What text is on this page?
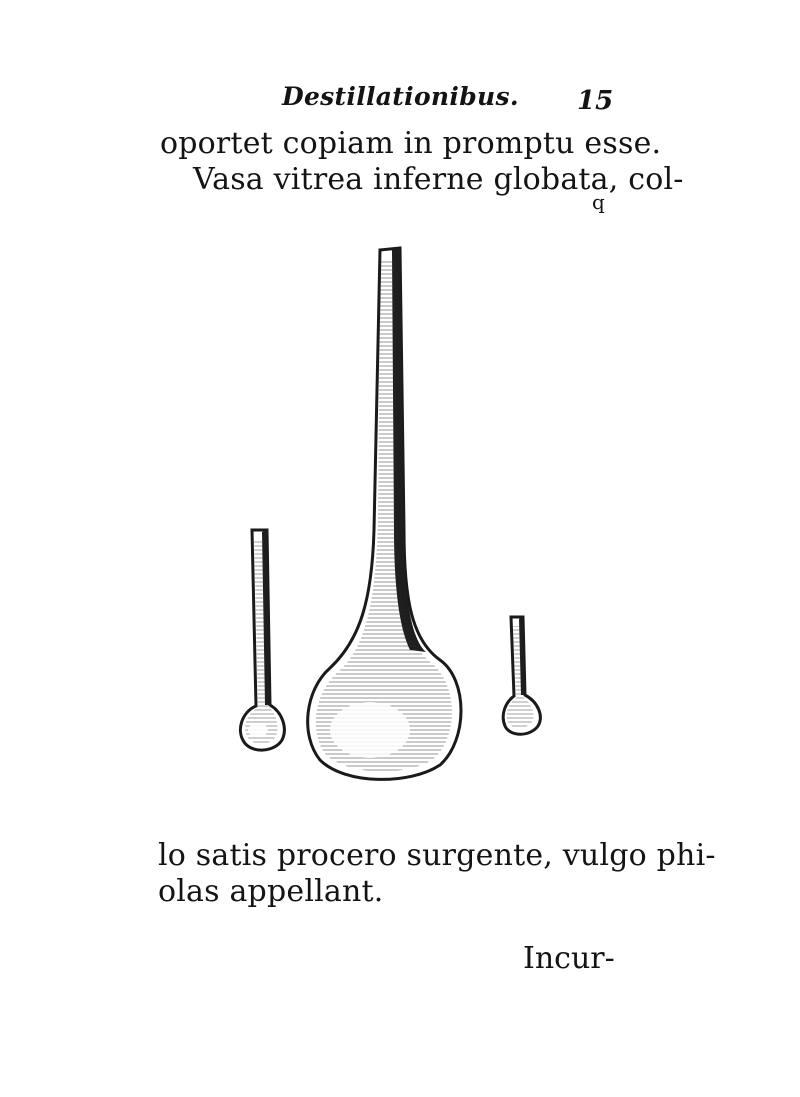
Destillationibus. 15
oportet copiam in promptu esse.
Vasa vitrea inferne globata, col-
q
lo satis procero surgente, vulgo phi-
olas appellant.
Incur-
